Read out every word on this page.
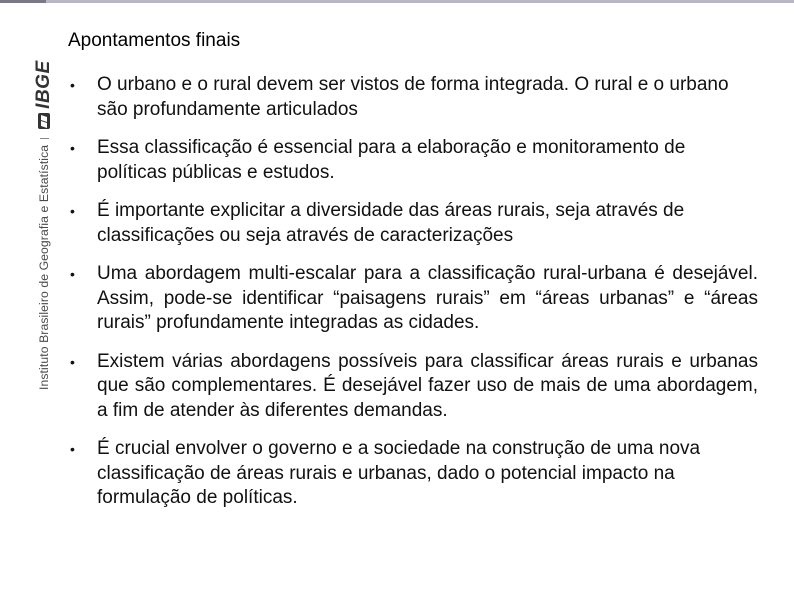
Instituto Brasileiro de Geografia e Estatística
IBGE
Apontamentos finais
•	O urbano e o rural devem ser vistos de forma integrada. O rural e o urbano são profundamente articulados
•	Essa classificação é essencial para a elaboração e monitoramento de políticas públicas e estudos.
•	É importante explicitar a diversidade das áreas rurais, seja através de classificações ou seja através de caracterizações
•	Uma abordagem multi-escalar para a classificação rural-urbana é desejável. Assim, pode-se identificar “paisagens rurais” em “áreas urbanas” e “áreas rurais” profundamente integradas as cidades.
•	Existem várias abordagens possíveis para classificar áreas rurais e urbanas que são complementares. É desejável fazer uso de mais de uma abordagem, a fim de atender às diferentes demandas.
•	É crucial envolver o governo e a sociedade na construção de uma nova classificação de áreas rurais e urbanas, dado o potencial impacto na formulação de políticas.
